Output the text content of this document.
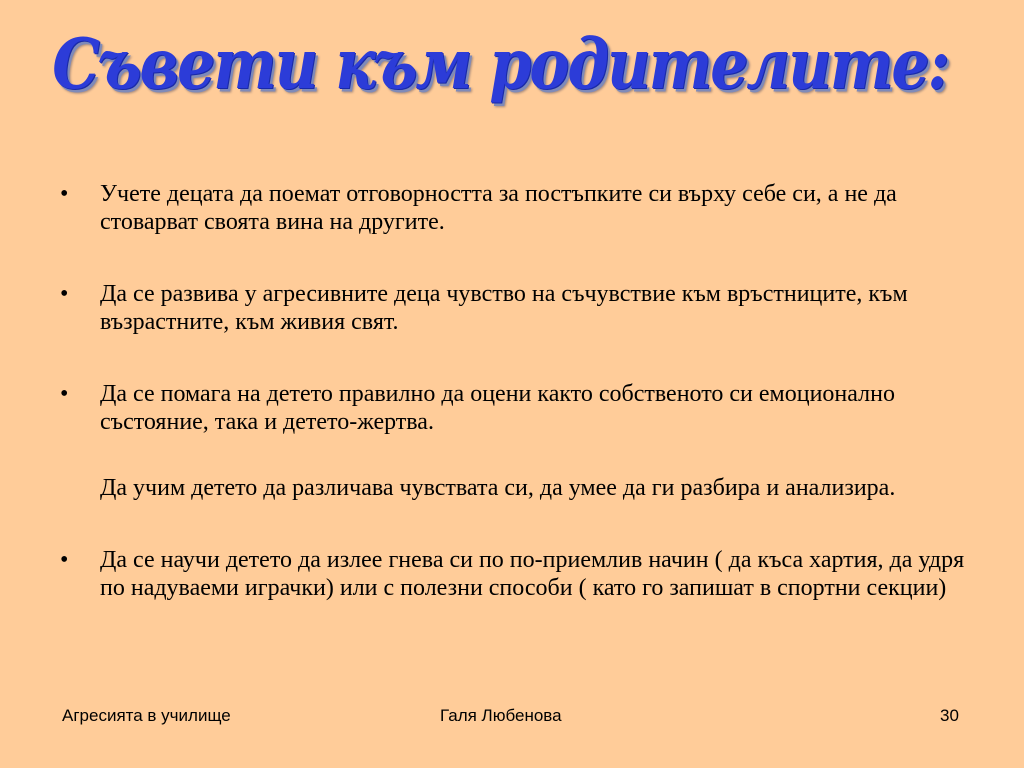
Съвети към родителите:
• Учете децата да поемат отговорността за постъпките си върху себе си, а не да стоварват своята вина на другите.
• Да се развива у агресивните деца чувство на съчувствие към връстниците, към възрастните, към живия свят.
• Да се помага на детето правилно да оцени както собственото си емоционално състояние, така и детето-жертва.
Да учим детето да различава чувствата си, да умее да ги разбира и анализира.
• Да се научи детето да излее гнева си по по-приемлив начин ( да къса хартия, да удря по надуваеми играчки) или с полезни способи ( като го запишат в спортни секции)
Агресията в училище	Галя Любенова	30
